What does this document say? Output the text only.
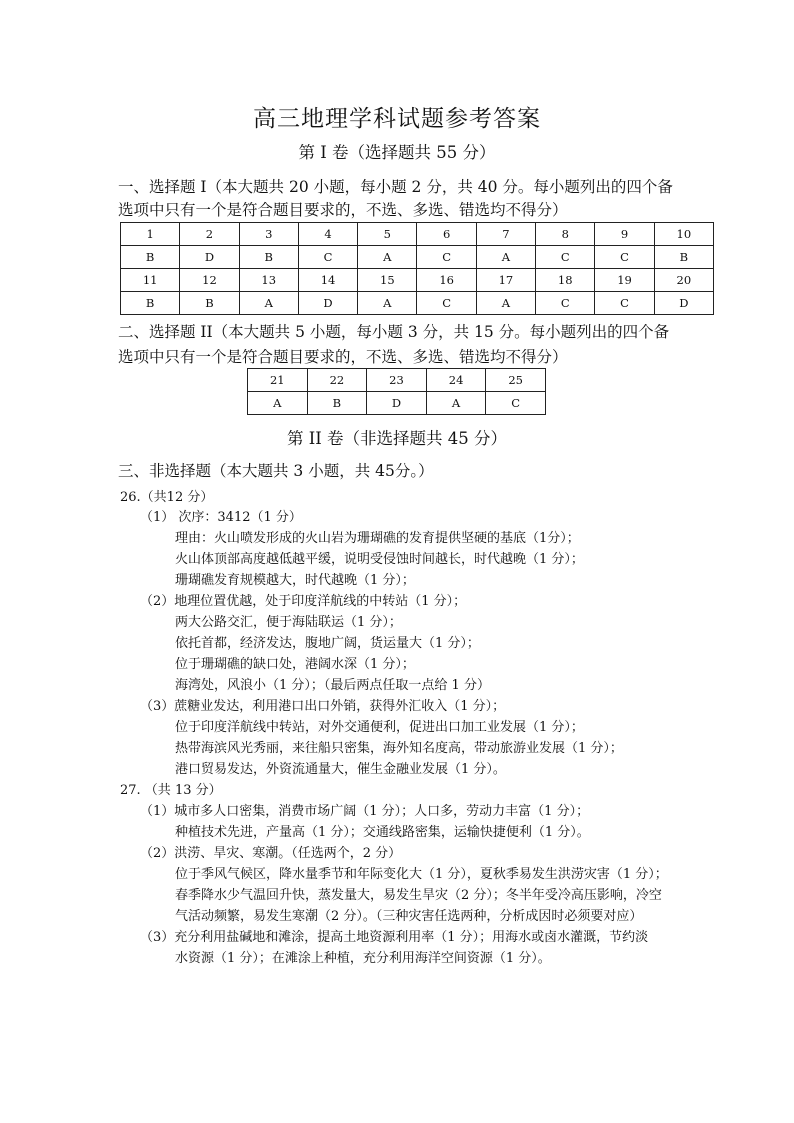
高三地理学科试题参考答案
第 I 卷（选择题共 55 分）
一、选择题 I（本大题共 20 小题，每小题 2 分，共 40 分。每小题列出的四个备
选项中只有一个是符合题目要求的，不选、多选、错选均不得分）
1	2	3	4	5	6	7	8	9	10
B	D	B	C	A	C	A	C	C	B
11	12	13	14	15	16	17	18	19	20
B	B	A	D	A	C	A	C	C	D
二、选择题 II（本大题共 5 小题，每小题 3 分，共 15 分。每小题列出的四个备
选项中只有一个是符合题目要求的，不选、多选、错选均不得分）
21	22	23	24	25
A	B	D	A	C
第 II 卷（非选择题共 45 分）
三、非选择题（本大题共 3 小题，共 45分。）
26.（共12 分）
（1） 次序：3412（1 分）
理由：火山喷发形成的火山岩为珊瑚礁的发育提供坚硬的基底（1分）；
火山体顶部高度越低越平缓，说明受侵蚀时间越长，时代越晚（1 分）；
珊瑚礁发育规模越大，时代越晚（1 分）；
（2）地理位置优越，处于印度洋航线的中转站（1 分）；
两大公路交汇，便于海陆联运（1 分）；
依托首都，经济发达，腹地广阔，货运量大（1 分）；
位于珊瑚礁的缺口处，港阔水深（1 分）；
海湾处，风浪小（1 分）；（最后两点任取一点给 1 分）
（3）蔗糖业发达，利用港口出口外销，获得外汇收入（1 分）；
位于印度洋航线中转站，对外交通便利，促进出口加工业发展（1 分）；
热带海滨风光秀丽，来往船只密集，海外知名度高，带动旅游业发展（1 分）；
港口贸易发达，外资流通量大，催生金融业发展（1 分）。
27. （共 13 分）
（1）城市多人口密集，消费市场广阔（1 分）；人口多，劳动力丰富（1 分）；
种植技术先进，产量高（1 分）；交通线路密集，运输快捷便利（1 分）。
（2）洪涝、旱灾、寒潮。（任选两个，2 分）
位于季风气候区，降水量季节和年际变化大（1 分），夏秋季易发生洪涝灾害（1 分）；
春季降水少气温回升快，蒸发量大，易发生旱灾（2 分）；冬半年受冷高压影响，冷空
气活动频繁，易发生寒潮（2 分）。（三种灾害任选两种，分析成因时必须要对应）
（3）充分利用盐碱地和滩涂，提高土地资源利用率（1 分）；用海水或卤水灌溉，节约淡
水资源（1 分）；在滩涂上种植，充分利用海洋空间资源（1 分）。
